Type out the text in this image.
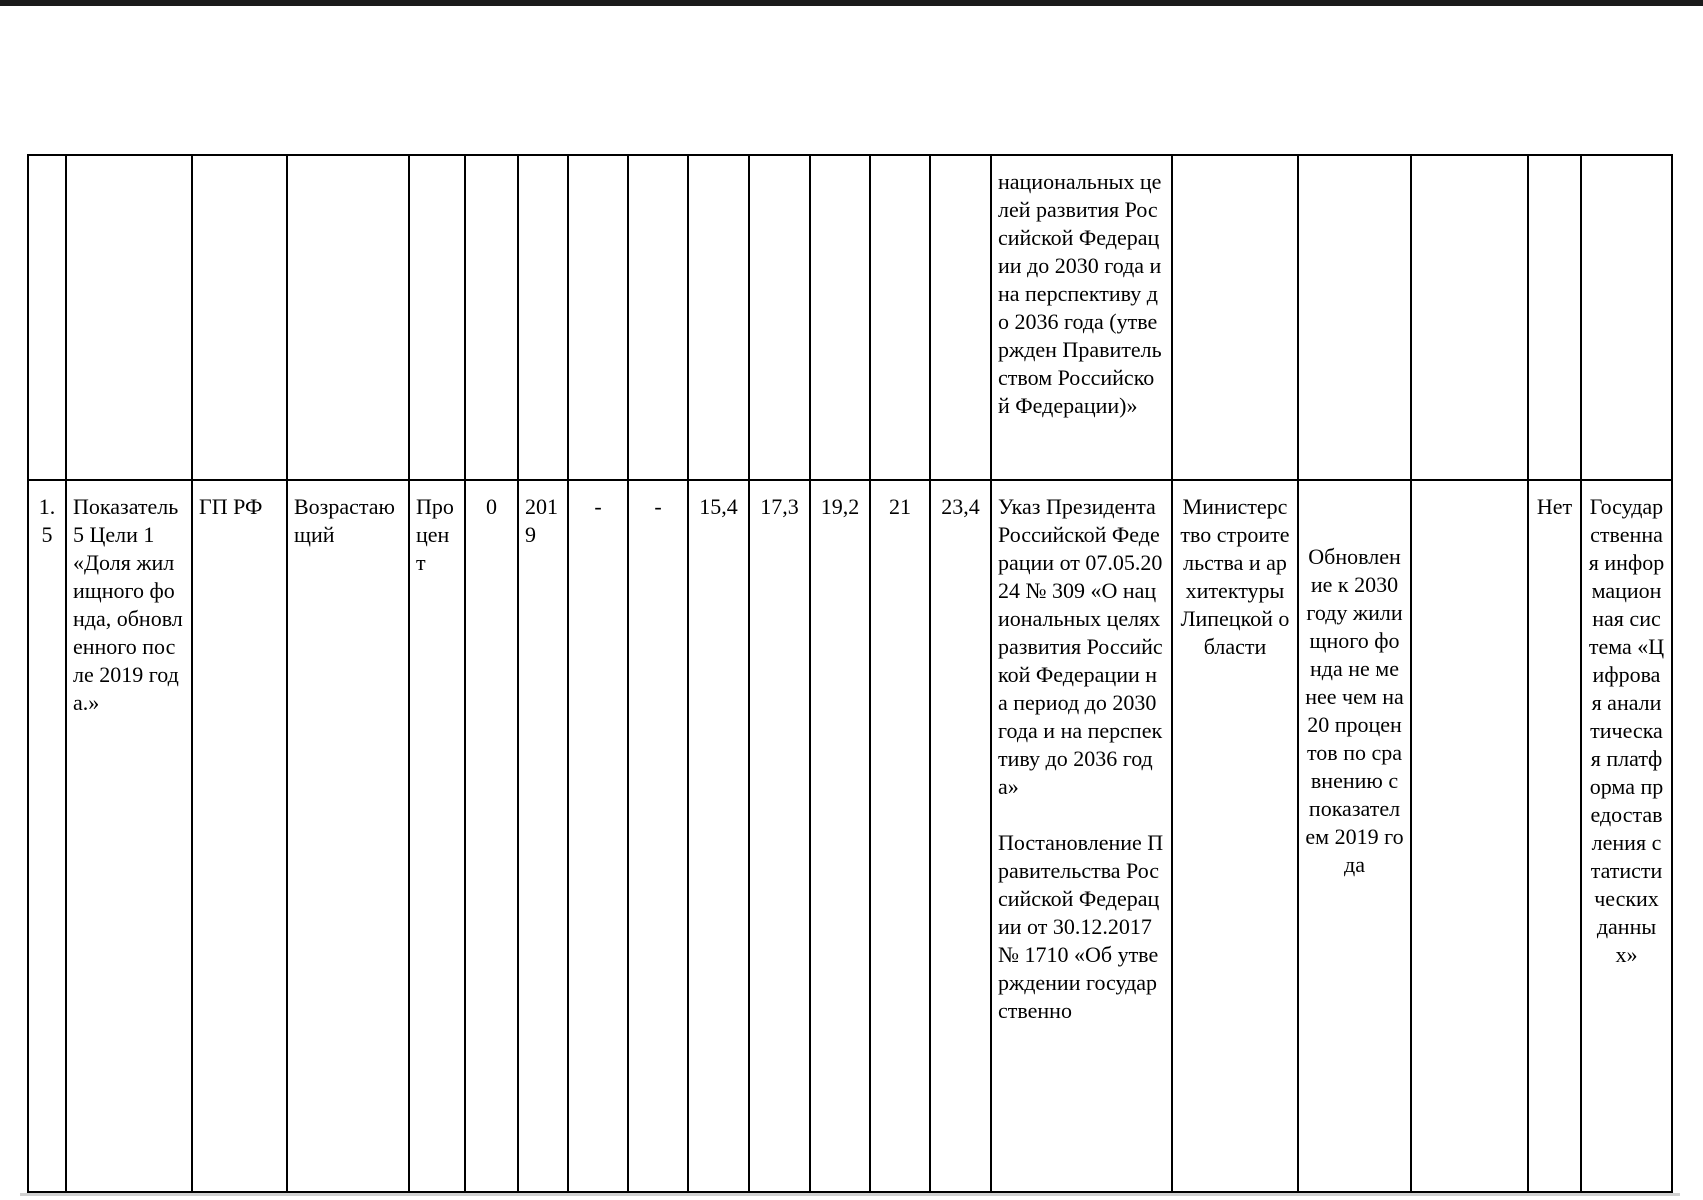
														национальных целей развития Российской Федерации до 2030 года и на перспективу до 2036 года (утвержден Правительством Российской Федерации)»					
1.5	Показатель 5 Цели 1 «Доля жилищного фонда, обновленного после 2019 года.»	ГП РФ	Возрастающий	Процент	0	2019	-	-	15,4	17,3	19,2	21	23,4	Указ Президента Российской Федерации от 07.05.2024 № 309 «О национальных целях развития Российской Федерации на период до 2030 года и на перспективу до 2036 года»

Постановление Правительства Российской Федерации от 30.12.2017 № 1710 «Об утверждении государственно	Министерство строительства и архитектуры Липецкой области	Обновление к 2030 году жилищного фонда не менее чем на 20 процентов по сравнению с показателем 2019 года		Нет	Государственная информационная система «Цифровая аналитическая платформа предоставления статистических данных»
